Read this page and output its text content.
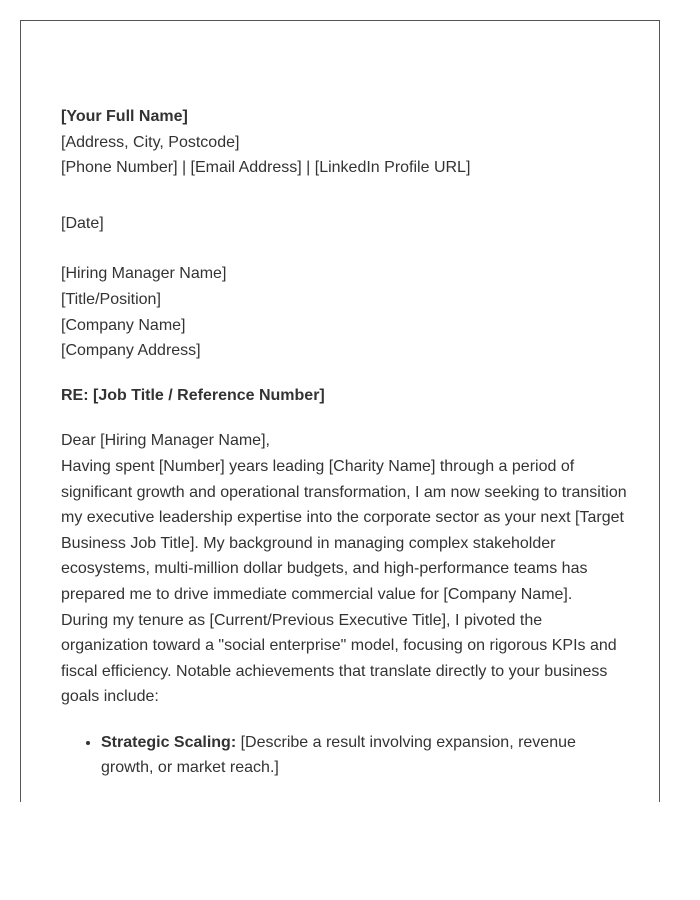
[Your Full Name]
[Address, City, Postcode]
[Phone Number] | [Email Address] | [LinkedIn Profile URL]
[Date]
[Hiring Manager Name]
[Title/Position]
[Company Name]
[Company Address]
RE: [Job Title / Reference Number]
Dear [Hiring Manager Name],

Having spent [Number] years leading [Charity Name] through a period of significant growth and operational transformation, I am now seeking to transition my executive leadership expertise into the corporate sector as your next [Target Business Job Title]. My background in managing complex stakeholder ecosystems, multi-million dollar budgets, and high-performance teams has prepared me to drive immediate commercial value for [Company Name].

During my tenure as [Current/Previous Executive Title], I pivoted the organization toward a "social enterprise" model, focusing on rigorous KPIs and fiscal efficiency. Notable achievements that translate directly to your business goals include:

• Strategic Scaling: [Describe a result involving expansion, revenue growth, or market reach.]
